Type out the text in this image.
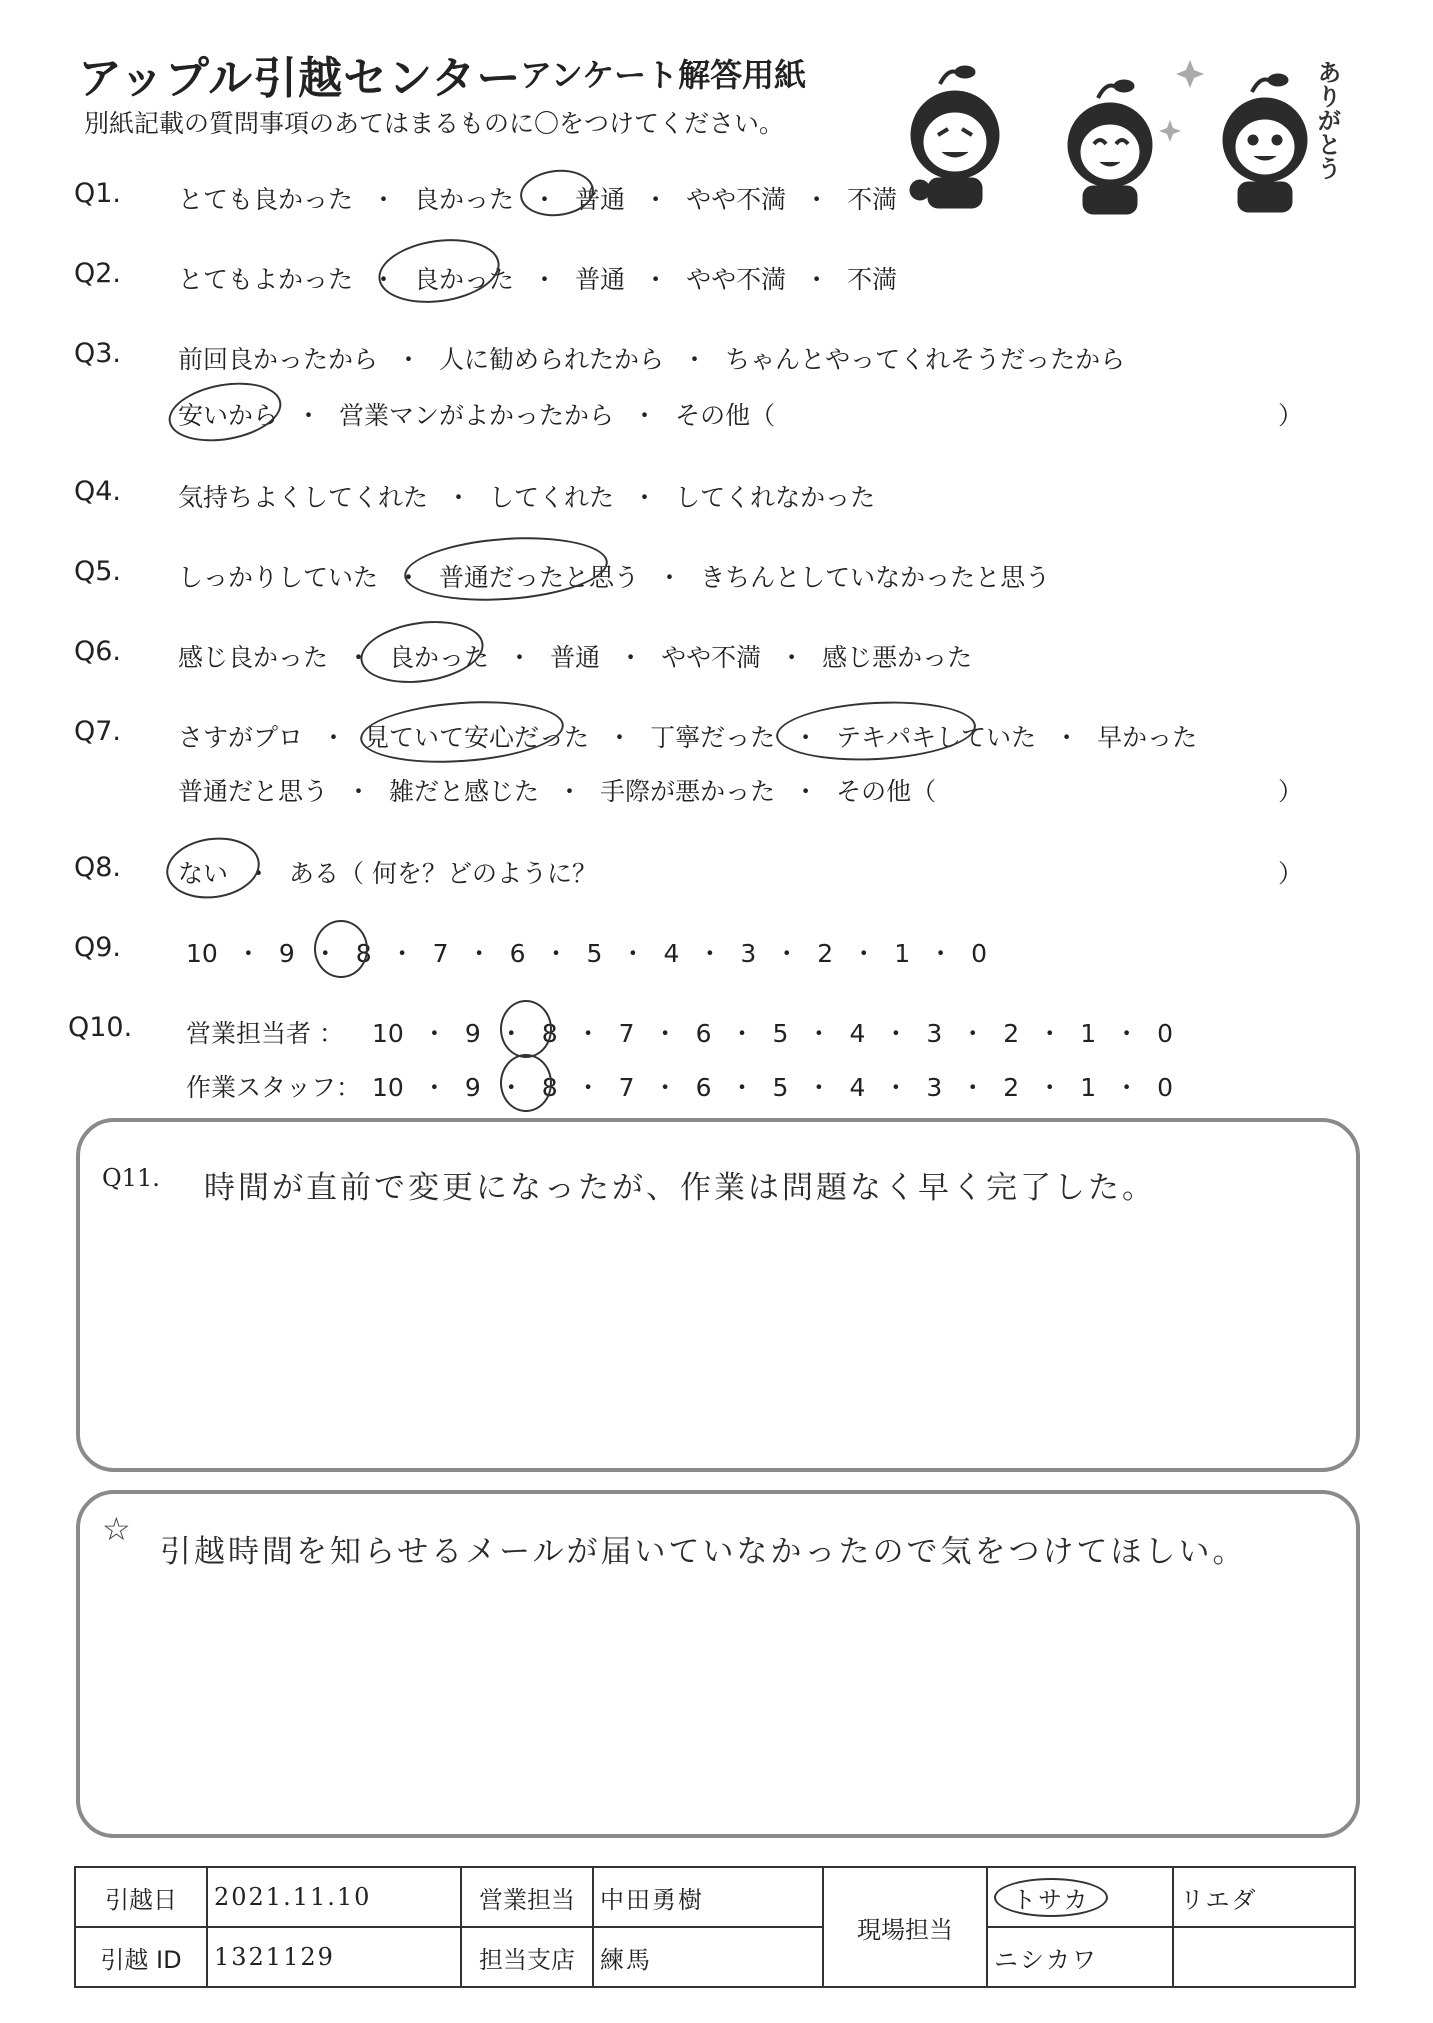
アップル引越センター
アンケート解答用紙
別紙記載の質問事項のあてはまるものに〇をつけてください。	ありがとう
Q1. とても良かった ・ 良かった ・ 普通 ・ やや不満 ・ 不満
Q2. とてもよかった ・ 良かった ・ 普通 ・ やや不満 ・ 不満
Q3. 前回良かったから ・ 人に勧められたから ・ ちゃんとやってくれそうだったから
安いから ・ 営業マンがよかったから ・ その他（	）
Q4. 気持ちよくしてくれた ・ してくれた ・ してくれなかった
Q5. しっかりしていた ・ 普通だったと思う ・ きちんとしていなかったと思う
Q6. 感じ良かった ・ 良かった ・ 普通 ・ やや不満 ・ 感じ悪かった
Q7. さすがプロ ・ 見ていて安心だった ・ 丁寧だった ・ テキパキしていた ・ 早かった
普通だと思う ・ 雑だと感じた ・ 手際が悪かった ・ その他（	）
Q8. ない ・ ある（ 何を？どのように？	）
Q9.	10 ・ 9 ・ 8 ・ 7 ・ 6 ・ 5 ・ 4 ・ 3 ・ 2 ・ 1 ・ 0
Q10. 営業担当者 ： 10 ・ 9 ・ 8 ・ 7 ・ 6 ・ 5 ・ 4 ・ 3 ・ 2 ・ 1 ・ 0
作業スタッフ： 10 ・ 9 ・ 8 ・ 7 ・ 6 ・ 5 ・ 4 ・ 3 ・ 2 ・ 1 ・ 0
Q11. 時間が直前で変更になったが、作業は問題なく早く完了した。
☆
引越時間を知らせるメールが届いていなかったので気をつけてほしい。
引越日	2021.11.10	営業担当	中田勇樹	現場担当	トサカ	リエダ
引越 ID	1321129	担当支店	練馬		ニシカワ	
